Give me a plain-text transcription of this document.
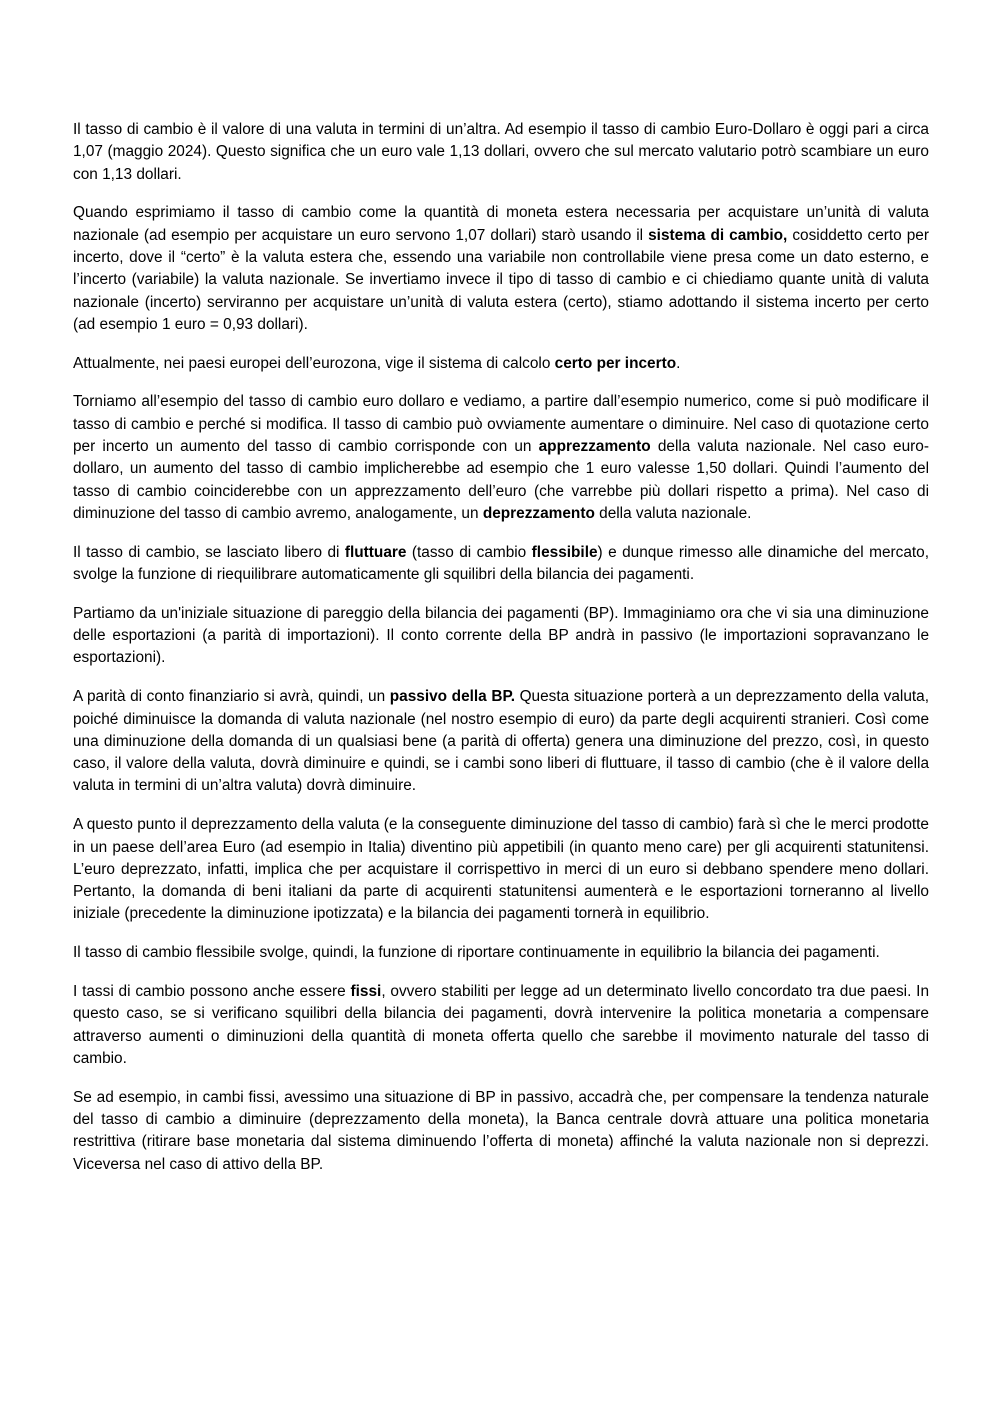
Il tasso di cambio è il valore di una valuta in termini di un’altra. Ad esempio il tasso di cambio Euro-Dollaro è oggi pari a circa 1,07 (maggio 2024). Questo significa che un euro vale 1,13 dollari, ovvero che sul mercato valutario potrò scambiare un euro con 1,13 dollari.

Quando esprimiamo il tasso di cambio come la quantità di moneta estera necessaria per acquistare un’unità di valuta nazionale (ad esempio per acquistare un euro servono 1,07 dollari) starò usando il sistema di cambio, cosiddetto certo per incerto, dove il “certo” è la valuta estera che, essendo una variabile non controllabile viene presa come un dato esterno, e l’incerto (variabile) la valuta nazionale. Se invertiamo invece il tipo di tasso di cambio e ci chiediamo quante unità di valuta nazionale (incerto) serviranno per acquistare un’unità di valuta estera (certo), stiamo adottando il sistema incerto per certo (ad esempio 1 euro = 0,93 dollari).

Attualmente, nei paesi europei dell’eurozona, vige il sistema di calcolo certo per incerto.

Torniamo all’esempio del tasso di cambio euro dollaro e vediamo, a partire dall’esempio numerico, come si può modificare il tasso di cambio e perché si modifica. Il tasso di cambio può ovviamente aumentare o diminuire. Nel caso di quotazione certo per incerto un aumento del tasso di cambio corrisponde con un apprezzamento della valuta nazionale. Nel caso euro-dollaro, un aumento del tasso di cambio implicherebbe ad esempio che 1 euro valesse 1,50 dollari. Quindi l’aumento del tasso di cambio coinciderebbe con un apprezzamento dell’euro (che varrebbe più dollari rispetto a prima). Nel caso di diminuzione del tasso di cambio avremo, analogamente, un deprezzamento della valuta nazionale.

Il tasso di cambio, se lasciato libero di fluttuare (tasso di cambio flessibile) e dunque rimesso alle dinamiche del mercato, svolge la funzione di riequilibrare automaticamente gli squilibri della bilancia dei pagamenti.

Partiamo da un'iniziale situazione di pareggio della bilancia dei pagamenti (BP). Immaginiamo ora che vi sia una diminuzione delle esportazioni (a parità di importazioni). Il conto corrente della BP andrà in passivo (le importazioni sopravanzano le esportazioni).

A parità di conto finanziario si avrà, quindi, un passivo della BP. Questa situazione porterà a un deprezzamento della valuta, poiché diminuisce la domanda di valuta nazionale (nel nostro esempio di euro) da parte degli acquirenti stranieri. Così come una diminuzione della domanda di un qualsiasi bene (a parità di offerta) genera una diminuzione del prezzo, così, in questo caso, il valore della valuta, dovrà diminuire e quindi, se i cambi sono liberi di fluttuare, il tasso di cambio (che è il valore della valuta in termini di un’altra valuta) dovrà diminuire.

A questo punto il deprezzamento della valuta (e la conseguente diminuzione del tasso di cambio) farà sì che le merci prodotte in un paese dell’area Euro (ad esempio in Italia) diventino più appetibili (in quanto meno care) per gli acquirenti statunitensi. L’euro deprezzato, infatti, implica che per acquistare il corrispettivo in merci di un euro si debbano spendere meno dollari. Pertanto, la domanda di beni italiani da parte di acquirenti statunitensi aumenterà e le esportazioni torneranno al livello iniziale (precedente la diminuzione ipotizzata) e la bilancia dei pagamenti tornerà in equilibrio.

Il tasso di cambio flessibile svolge, quindi, la funzione di riportare continuamente in equilibrio la bilancia dei pagamenti.

I tassi di cambio possono anche essere fissi, ovvero stabiliti per legge ad un determinato livello concordato tra due paesi. In questo caso, se si verificano squilibri della bilancia dei pagamenti, dovrà intervenire la politica monetaria a compensare attraverso aumenti o diminuzioni della quantità di moneta offerta quello che sarebbe il movimento naturale del tasso di cambio.

Se ad esempio, in cambi fissi, avessimo una situazione di BP in passivo, accadrà che, per compensare la tendenza naturale del tasso di cambio a diminuire (deprezzamento della moneta), la Banca centrale dovrà attuare una politica monetaria restrittiva (ritirare base monetaria dal sistema diminuendo l’offerta di moneta) affinché la valuta nazionale non si deprezzi. Viceversa nel caso di attivo della BP.
